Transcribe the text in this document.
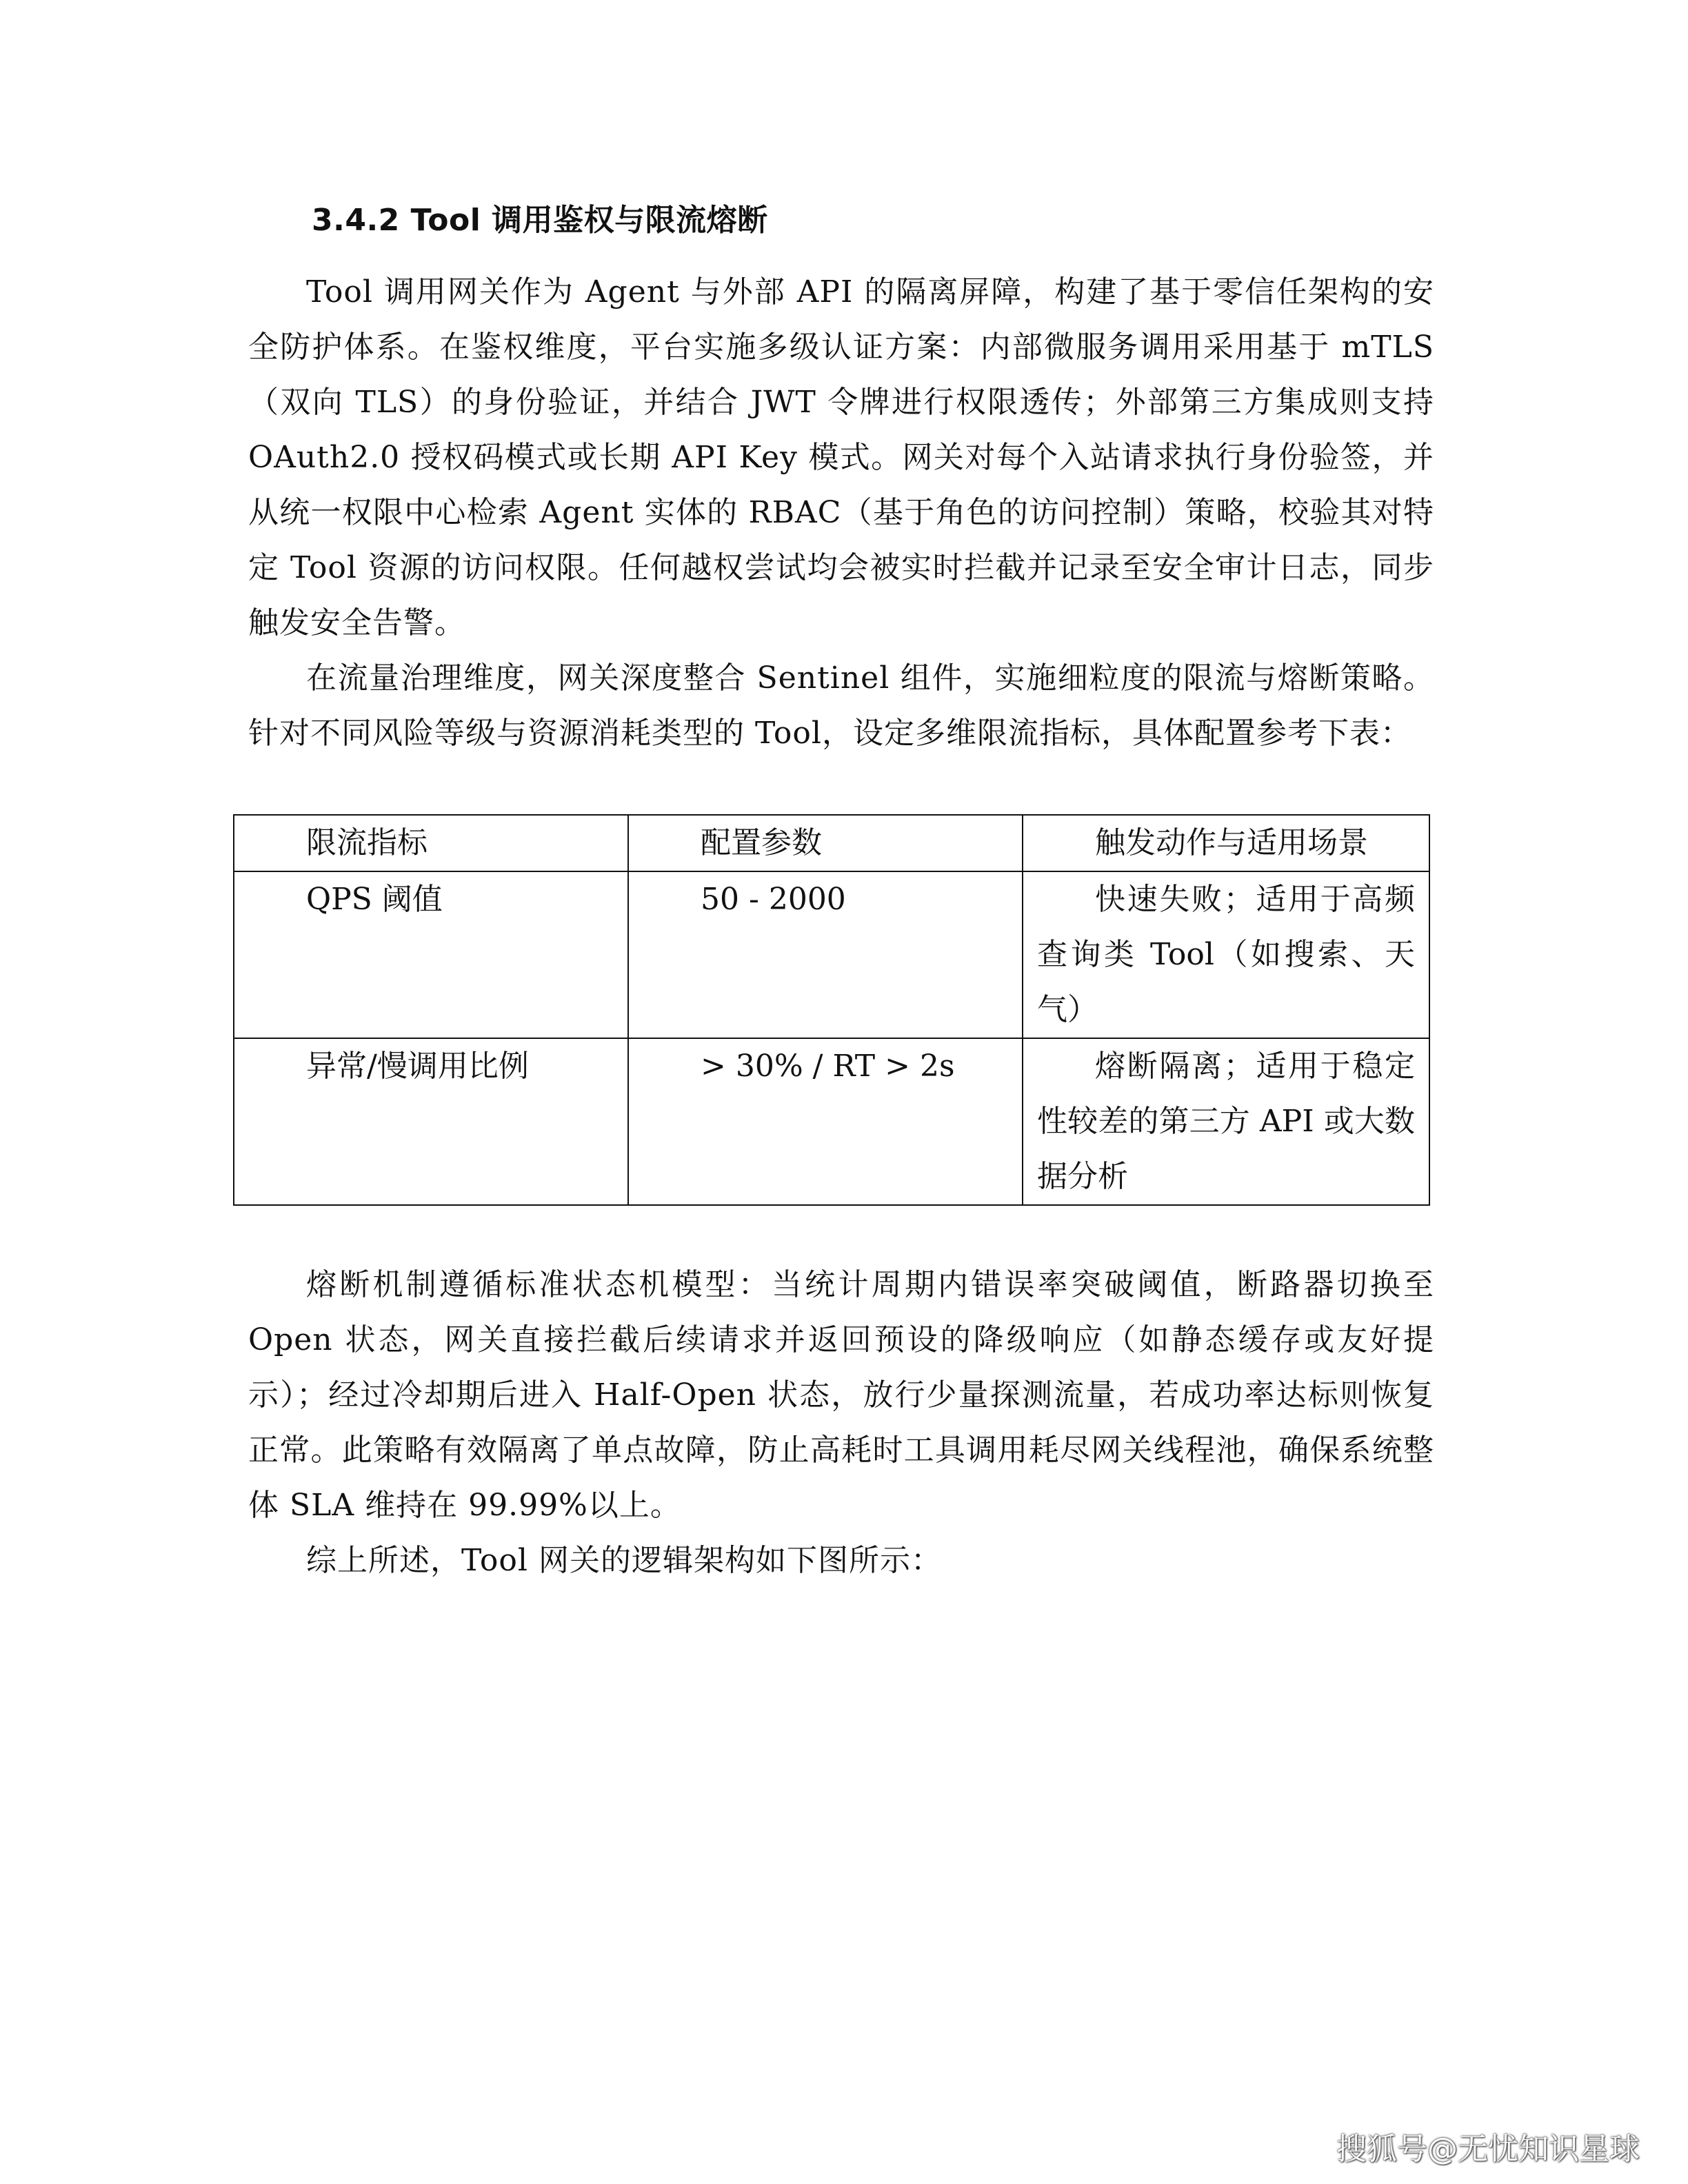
3.4.2 Tool 调用鉴权与限流熔断

Tool 调用网关作为 Agent 与外部 API 的隔离屏障，构建了基于零信任架构的安全防护体系。在鉴权维度，平台实施多级认证方案：内部微服务调用采用基于 mTLS（双向 TLS）的身份验证，并结合 JWT 令牌进行权限透传；外部第三方集成则支持 OAuth2.0 授权码模式或长期 API Key 模式。网关对每个入站请求执行身份验签，并从统一权限中心检索 Agent 实体的 RBAC（基于角色的访问控制）策略，校验其对特定 Tool 资源的访问权限。任何越权尝试均会被实时拦截并记录至安全审计日志，同步触发安全告警。

在流量治理维度，网关深度整合 Sentinel 组件，实施细粒度的限流与熔断策略。针对不同风险等级与资源消耗类型的 Tool，设定多维限流指标，具体配置参考下表：

限流指标	配置参数	触发动作与适用场景
QPS 阈值	50 - 2000	快速失败；适用于高频查询类 Tool（如搜索、天气）

异常/慢调用比例	> 30% / RT > 2s	熔断隔离；适用于稳定性较差的第三方 API 或大数据分析

熔断机制遵循标准状态机模型：当统计周期内错误率突破阈值，断路器切换至 Open 状态，网关直接拦截后续请求并返回预设的降级响应（如静态缓存或友好提示）；经过冷却期后进入 Half-Open 状态，放行少量探测流量，若成功率达标则恢复正常。此策略有效隔离了单点故障，防止高耗时工具调用耗尽网关线程池，确保系统整体 SLA 维持在 99.99%以上。

综上所述，Tool 网关的逻辑架构如下图所示：

搜狐号@无忧知识星球
